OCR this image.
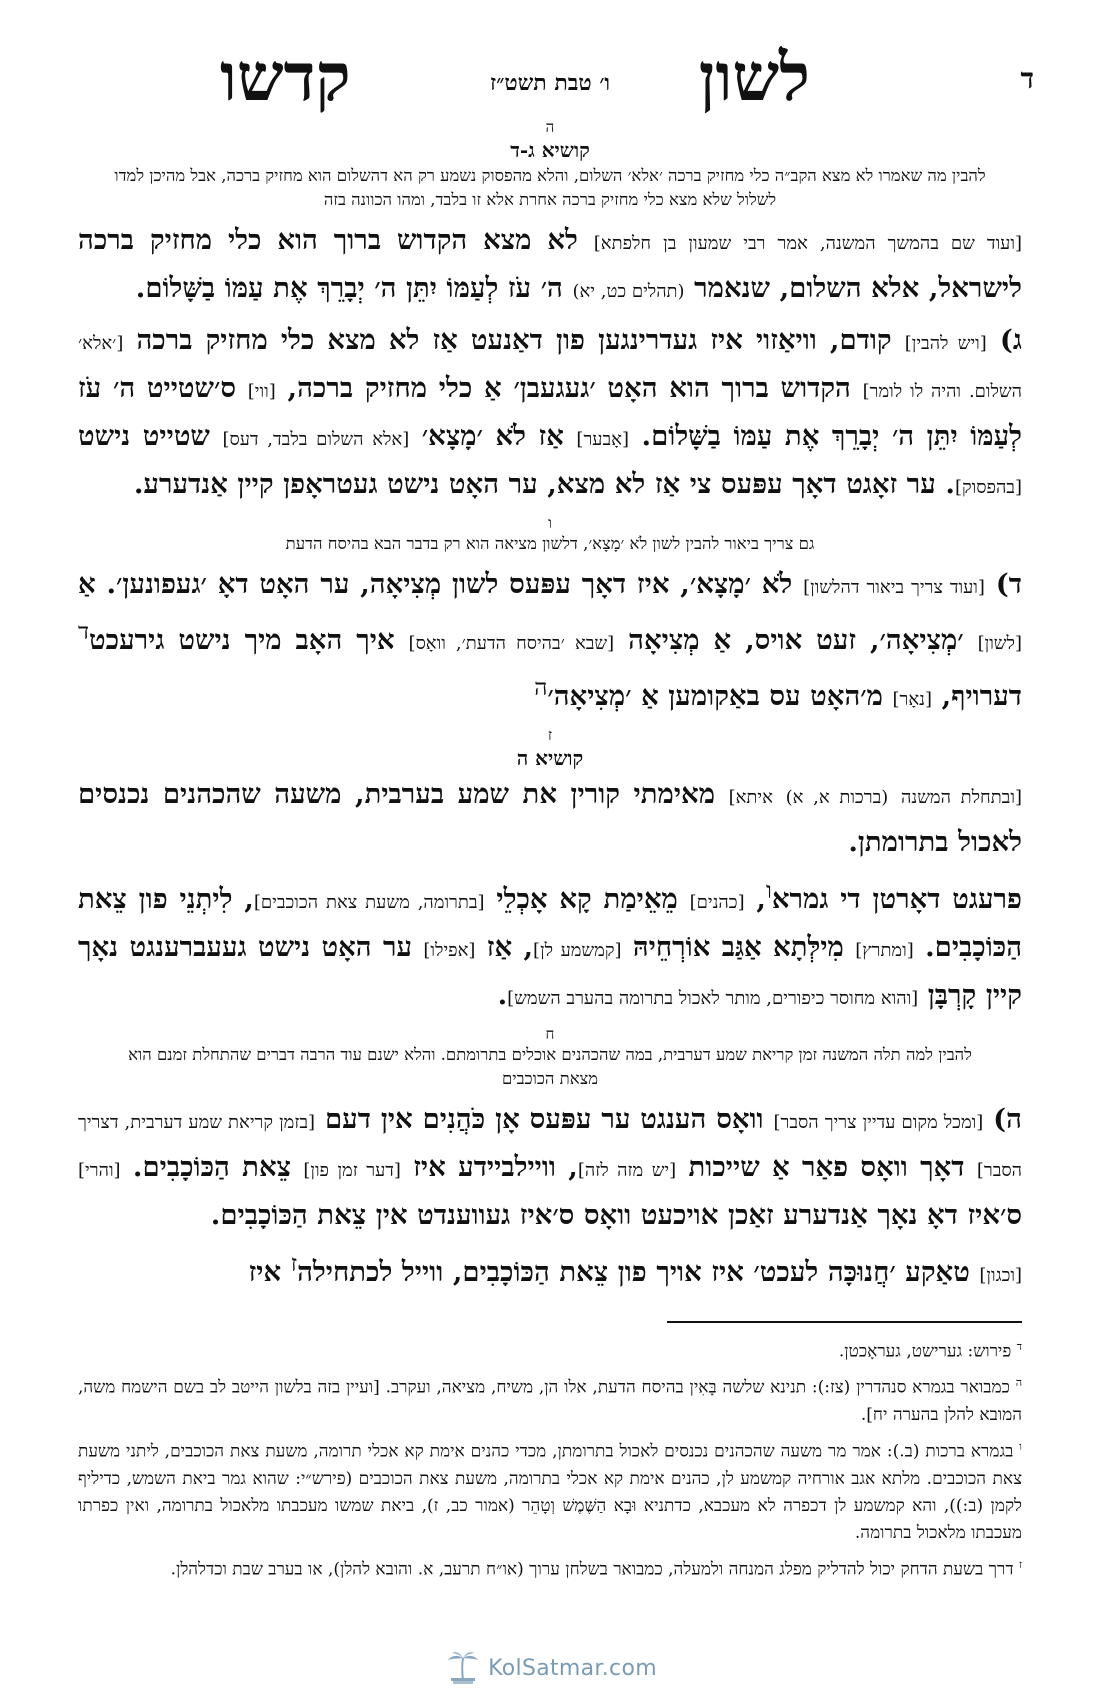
ד
לשון
ו׳ טבת תשט״ז
קדשו
ה
קושיא ג-ד
להבין מה שאמרו לא מצא הקב״ה כלי מחזיק ברכה ׳אלא׳ השלום, והלא מהפסוק נשמע רק הא דהשלום הוא מחזיק ברכה, אבל מהיכן למדו לשלול שלא מצא כלי מחזיק ברכה אחרת אלא זו בלבד, ומהו הכוונה בזה

[ועוד שם בהמשך המשנה, אמר רבי שמעון בן חלפתא] לא מצא הקדוש ברוך הוא כלי מחזיק ברכה לישראל, אלא השלום, שנאמר (תהלים כט, יא) ה׳ עֹז לְעַמּוֹ יִתֵּן ה׳ יְבָרֵךְ אֶת עַמּוֹ בַשָּׁלוֹם.

ג) [ויש להבין] קודם, וויאַזוי איז געדרינגען פון דאַנעט אַז לא מצא כלי מחזיק ברכה [׳אלא׳ השלום. והיה לו לומר] הקדוש ברוך הוא האָט ׳געגעבן׳ אַ כלי מחזיק ברכה, [ווי] ס׳שטייט ה׳ עֹז לְעַמּוֹ יִתֵּן ה׳ יְבָרֵךְ אֶת עַמּוֹ בַשָּׁלוֹם. [אָבער] אַז לֹא ׳מָצָא׳ [אלא השלום בלבד, דעס] שטייט נישט [בהפסוק]. ער זאָגט דאָך עפּעס צי אַז לא מצא, ער האָט נישט געטראָפן קיין אַנדערע.

ו
גם צריך ביאור להבין לשון לֹא ׳מָצָא׳, דלשון מציאה הוא רק בדבר הבא בהיסח הדעת

ד) [ועוד צריך ביאור דהלשון] לֹא ׳מָצָא׳, איז דאָך עפּעס לשון מְצִיאָה, ער האָט דאָ ׳געפונען׳. אַ [לשון] ׳מְצִיאָה׳, זעט אויס, אַ מְצִיאָה [שבא ׳בהיסח הדעת׳, וואָס] איך האָב מיך נישט גירעכט$^ד$ דערויף, [נאָר] מ׳האָט עס באַקומען אַ ׳מְצִיאָה׳$^ה$

ז
קושיא ה

[ובתחלת המשנה (ברכות א, א) איתא] מאימתי קורין את שמע בערבית, משעה שהכהנים נכנסים לאכול בתרומתן.

פרעגט דאָרטן די גמרא$^ו$, [כהנים] מֵאֵימַת קָא אָכְלֵי [בתרומה, משעת צאת הכוכבים], לִיתְנֵי פון צֵאת הַכּוֹכָבִים. [ומתרץ] מִילְּתָא אַגַּב אוֹרְחֵיהּ [קמשמע לן], אַז [אפילו] ער האָט נישט געעברענגט נאָך קיין קָרְבָּן [והוא מחוסר כיפורים, מותר לאכול בתרומה בהערב השמש].

ח
להבין למה תלה המשנה זמן קריאת שמע דערבית, במה שהכהנים אוכלים בתרומתם. והלא ישנם עוד הרבה דברים שהתחלת זמנם הוא מצאת הכוכבים

ה) [ומכל מקום עדיין צריך הסבר] וואָס הענגט ער עפּעס אָן כֹּהֲנִים אין דעם [בזמן קריאת שמע דערבית, דצריך הסבר] דאָך וואָס פאַר אַ שייכות [יש מזה לזה], וויילביידע איז [דער זמן פון] צֵאת הַכּוֹכָבִים. [והרי] ס׳איז דאָ נאָך אַנדערע זאַכן אויכעט וואָס ס׳איז געווענדט אין צֵאת הַכּוֹכָבִים.

[וכגון] טאַקע ׳חֲנוּכָּה לעכט׳ איז אויך פון צֵאת הַכּוֹכָבִים, ווייל לכתחילה$^ז$ איז

$^ד$ פירוש: גערישט, געראָכטן.
$^ה$ כמבואר בגמרא סנהדרין (צז:): תנינא שלשה בָּאִין בהיסח הדעת, אלו הן, משיח, מציאה, ועקרב. [ועיין בזה בלשון הייטב לב בשם הישמח משה, המובא להלן בהערה יח].
$^ו$ בגמרא ברכות (ב.): אמר מר משעה שהכהנים נכנסים לאכול בתרומתן, מכדי כהנים אימת קא אכלי תרומה, משעת צאת הכוכבים, ליתני משעת צאת הכוכבים. מלתא אגב אורחיה קמשמע לן, כהנים אימת קא אכלי בתרומה, משעת צאת הכוכבים (פירש״י: שהוא גמר ביאת השמש, כדיליף לקמן (ב:)), והא קמשמע לן דכפרה לא מעכבא, כדתניא וּבָא הַשֶּׁמֶשׁ וְטָהֵר (אמור כב, ז), ביאת שמשו מעכבתו מלאכול בתרומה, ואין כפרתו מעכבתו מלאכול בתרומה.
$^ז$ דרך בשעת הדחק יכול להדליק מפלג המנחה ולמעלה, כמבואר בשלחן ערוך (או״ח תרעב, א. והובא להלן), או בערב שבת וכדלהלן.
KolSatmar.com
